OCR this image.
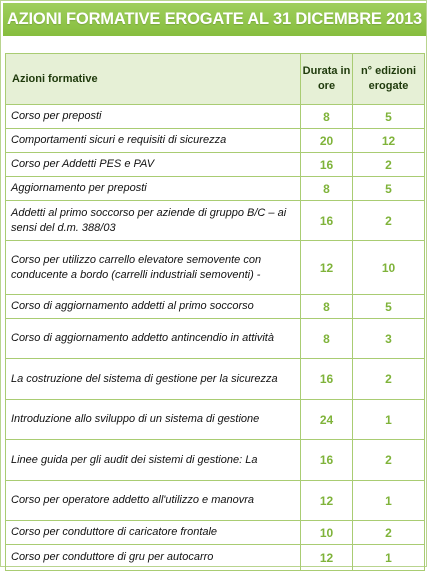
AZIONI FORMATIVE EROGATE AL 31 DICEMBRE 2013
Azioni formative	Durata in ore	n° edizioni erogate
Corso per preposti	8	5
Comportamenti sicuri e requisiti di sicurezza	20	12
Corso per Addetti PES e PAV	16	2
Aggiornamento per preposti	8	5
Addetti al primo soccorso per aziende di gruppo B/C – ai sensi del d.m. 388/03	16	2
Corso per utilizzo carrello elevatore semovente con conducente a bordo (carrelli industriali semoventi) -	12	10
Corso di aggiornamento addetti al primo soccorso	8	5
Corso di aggiornamento addetto antincendio in attività	8	3
La costruzione del sistema di gestione per la sicurezza	16	2
Introduzione allo sviluppo di un sistema di gestione	24	1
Linee guida per gli audit dei sistemi di gestione: La	16	2
Corso per operatore addetto all'utilizzo e manovra	12	1
Corso per conduttore di caricatore frontale	10	2
Corso per conduttore di gru per autocarro	12	1
